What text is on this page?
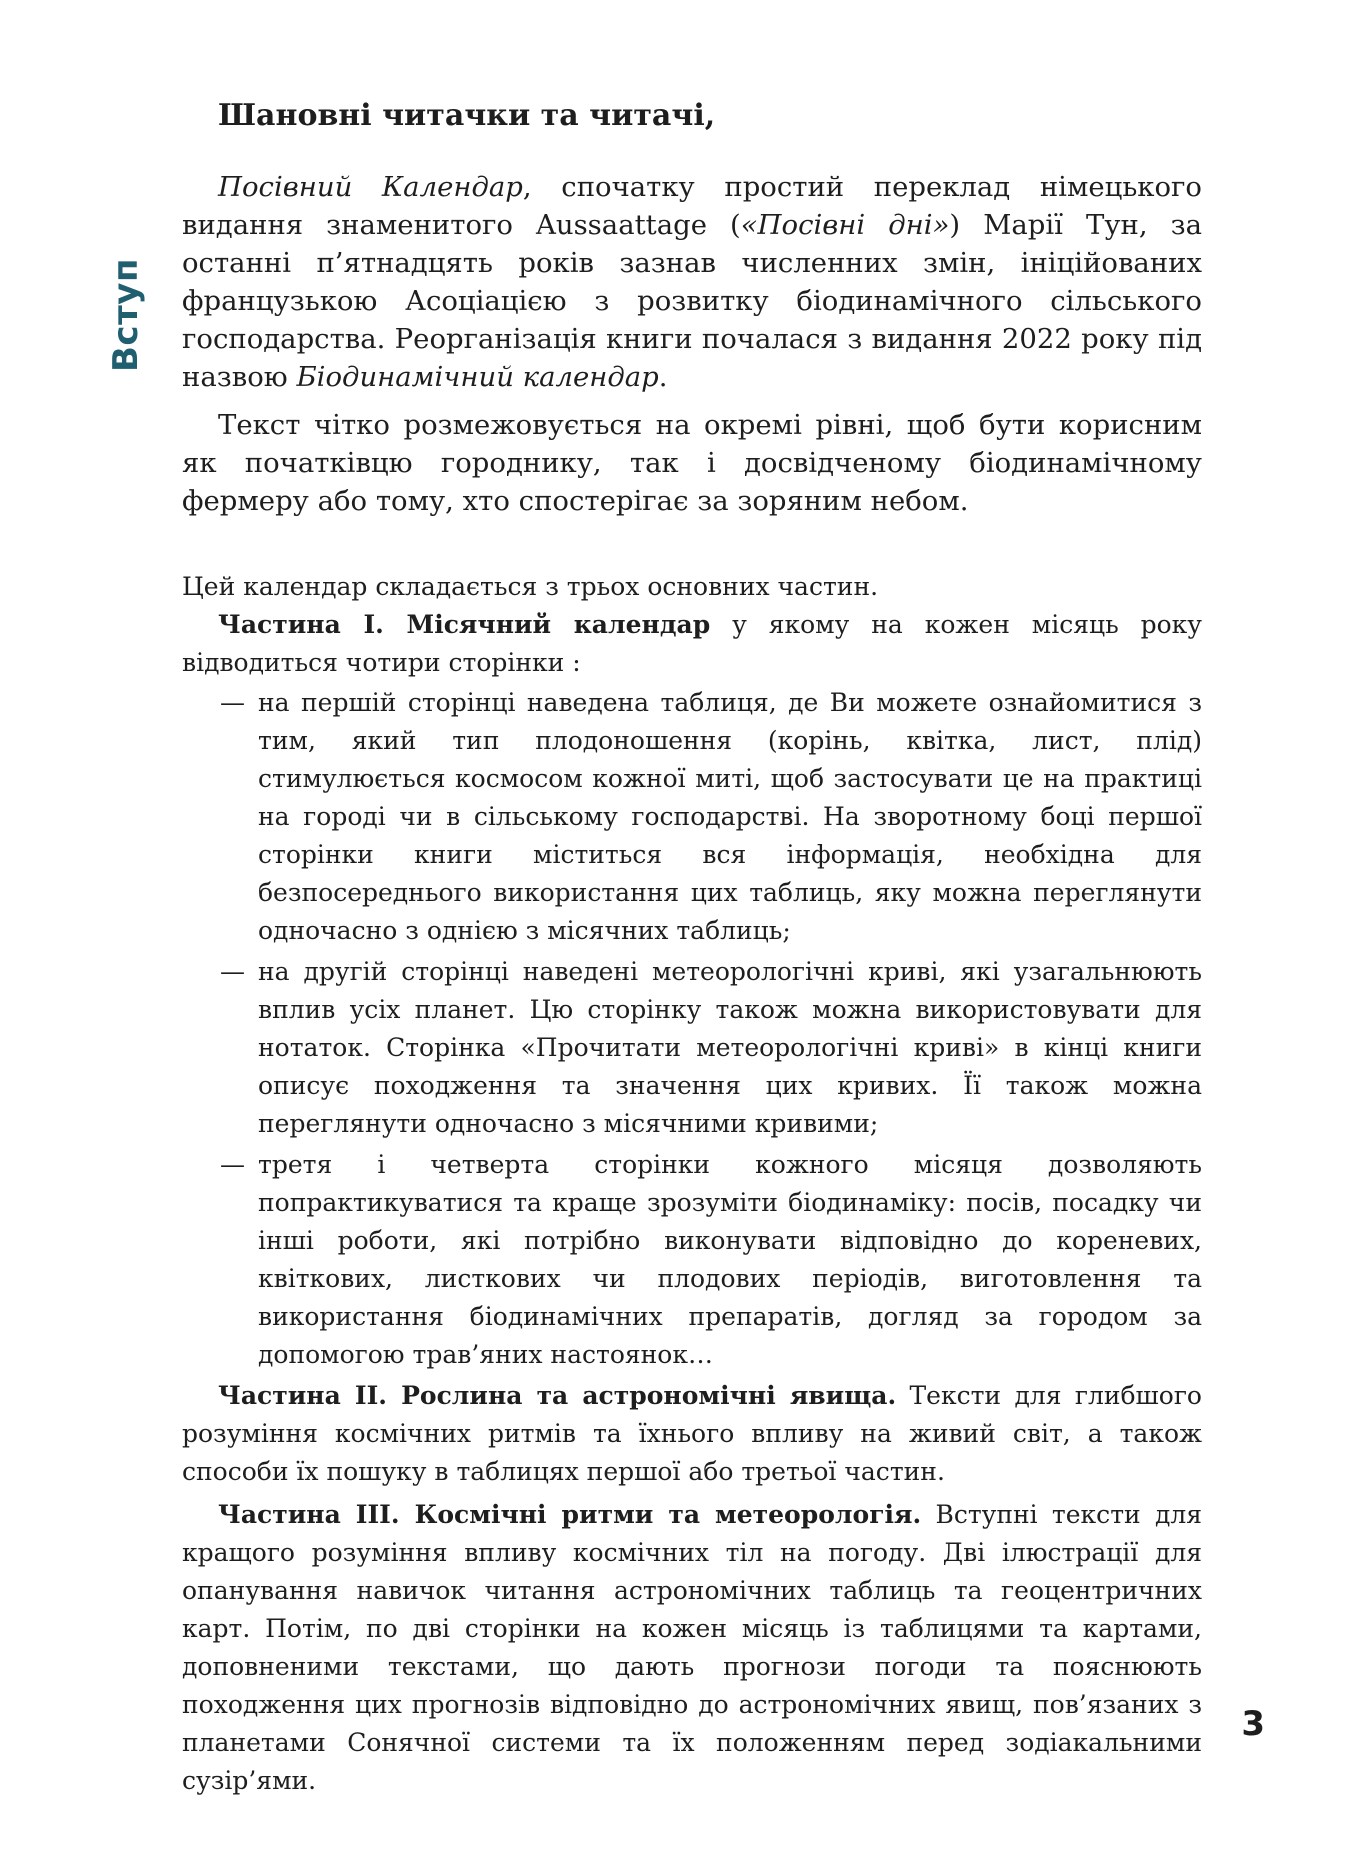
Вступ
Шановні читачки та читачі,

Посівний Календар, спочатку простий переклад німецького видання знаменитого Aussaattage («Посівні дні») Марії Тун, за останні п’ятнадцять років зазнав численних змін, ініційованих французькою Асоціацією з розвитку біодинамічного сільського господарства. Реорганізація книги почалася з видання 2022 року під назвою Біодинамічний календар.

Текст чітко розмежовується на окремі рівні, щоб бути корисним як початківцю городнику, так і досвідченому біодинамічному фермеру або тому, хто спостерігає за зоряним небом.

Цей календар складається з трьох основних частин.

Частина I. Місячний календар у якому на кожен місяць року відводиться чотири сторінки :

— на першій сторінці наведена таблиця, де Ви можете ознайомитися з тим, який тип плодоношення (корінь, квітка, лист, плід) стимулюється космосом кожної миті, щоб застосувати це на практиці на городі чи в сільському господарстві. На зворотному боці першої сторінки книги міститься вся інформація, необхідна для безпосереднього використання цих таблиць, яку можна переглянути одночасно з однією з місячних таблиць;
— на другій сторінці наведені метеорологічні криві, які узагальнюють вплив усіх планет. Цю сторінку також можна використовувати для нотаток. Сторінка «Прочитати метеорологічні криві» в кінці книги описує походження та значення цих кривих. Її також можна переглянути одночасно з місячними кривими;
— третя і четверта сторінки кожного місяця дозволяють попрактикуватися та краще зрозуміти біодинаміку: посів, посадку чи інші роботи, які потрібно виконувати відповідно до кореневих, квіткових, листкових чи плодових періодів, виготовлення та використання біодинамічних препаратів, догляд за городом за допомогою трав’яних настоянок…

Частина II. Рослина та астрономічні явища. Тексти для глибшого розуміння космічних ритмів та їхнього впливу на живий світ, а також способи їх пошуку в таблицях першої або третьої частин.

Частина III. Космічні ритми та метеорологія. Вступні тексти для кращого розуміння впливу космічних тіл на погоду. Дві ілюстрації для опанування навичок читання астрономічних таблиць та геоцентричних карт. Потім, по дві сторінки на кожен місяць із таблицями та картами, доповненими текстами, що дають прогнози погоди та пояснюють походження цих прогнозів відповідно до астрономічних явищ, пов’язаних з планетами Сонячної системи та їх положенням перед зодіакальними сузір’ями.

3
